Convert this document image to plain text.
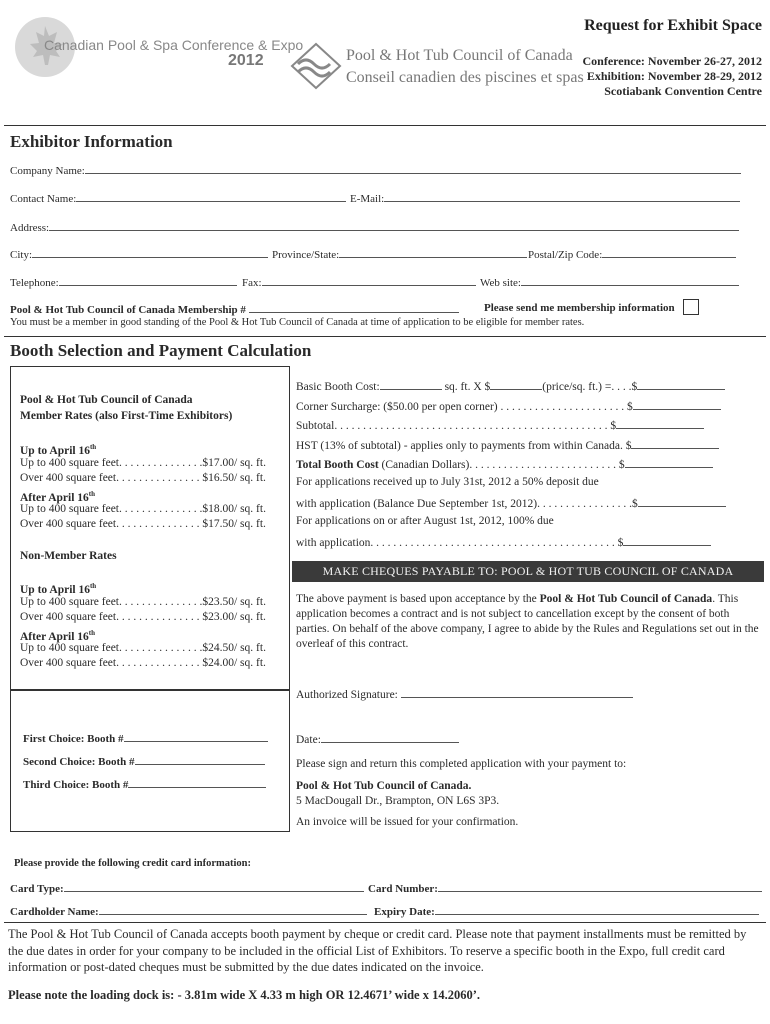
Canadian Pool & Spa Conference & Expo
2012	Pool & Hot Tub Council of Canada
Conseil canadien des piscines et spas
Request for Exhibit Space
Conference: November 26-27, 2012
Exhibition: November 28-29, 2012
Scotiabank Convention Centre
Exhibitor Information
Company Name:
Contact Name:	E-Mail:
Address:
City:	Province/State:	Postal/Zip Code:
Telephone:	Fax:	Web site:
Pool & Hot Tub Council of Canada Membership #	Please send me membership information
You must be a member in good standing of the Pool & Hot Tub Council of Canada at time of application to be eligible for member rates.
Booth Selection and Payment Calculation
Pool & Hot Tub Council of Canada
Member Rates (also First-Time Exhibitors)
Up to April 16th
Up to 400 square feet. . . . . . . . . . . . . . .$17.00/ sq. ft.
Over 400 square feet. . . . . . . . . . . . . . . $16.50/ sq. ft.
After April 16th
Up to 400 square feet. . . . . . . . . . . . . . .$18.00/ sq. ft.
Over 400 square feet. . . . . . . . . . . . . . . $17.50/ sq. ft.
Non-Member Rates
Up to April 16th
Up to 400 square feet. . . . . . . . . . . . . . .$23.50/ sq. ft.
Over 400 square feet. . . . . . . . . . . . . . . $23.00/ sq. ft.
After April 16th
Up to 400 square feet. . . . . . . . . . . . . . .$24.50/ sq. ft.
Over 400 square feet. . . . . . . . . . . . . . . $24.00/ sq. ft.
First Choice: Booth #
Second Choice: Booth #
Third Choice: Booth #
Basic Booth Cost:	sq. ft. X $	(price/sq. ft.) =. . . .$
Corner Surcharge: ($50.00 per open corner) . . . . . . . . . . . . . . . . . . . . . . $
Subtotal. . . . . . . . . . . . . . . . . . . . . . . . . . . . . . . . . . . . . . . . . . . . . . . . $
HST (13% of subtotal) - applies only to payments from within Canada. $
Total Booth Cost (Canadian Dollars). . . . . . . . . . . . . . . . . . . . . . . . . . $
For applications received up to July 31st, 2012 a 50% deposit due
with application (Balance Due September 1st, 2012). . . . . . . . . . . . . . . . .$
For applications on or after August 1st, 2012, 100% due
with application. . . . . . . . . . . . . . . . . . . . . . . . . . . . . . . . . . . . . . . . . . . $
MAKE CHEQUES PAYABLE TO: POOL & HOT TUB COUNCIL OF CANADA
The above payment is based upon acceptance by the Pool & Hot Tub Council of Canada. This application becomes a contract and is not subject to cancellation except by the consent of both parties. On behalf of the above company, I agree to abide by the Rules and Regulations set out in the overleaf of this contract.
Authorized Signature:
Date:
Please sign and return this completed application with your payment to:
Pool & Hot Tub Council of Canada.
5 MacDougall Dr., Brampton, ON L6S 3P3.
An invoice will be issued for your confirmation.
Please provide the following credit card information:
Card Type:	Card Number:
Cardholder Name:	Expiry Date:
The Pool & Hot Tub Council of Canada accepts booth payment by cheque or credit card. Please note that payment installments must be remitted by the due dates in order for your company to be included in the official List of Exhibitors. To reserve a specific booth in the Expo, full credit card information or post-dated cheques must be submitted by the due dates indicated on the invoice.
Please note the loading dock is: - 3.81m wide X 4.33 m high OR 12.4671’ wide x 14.2060’.
